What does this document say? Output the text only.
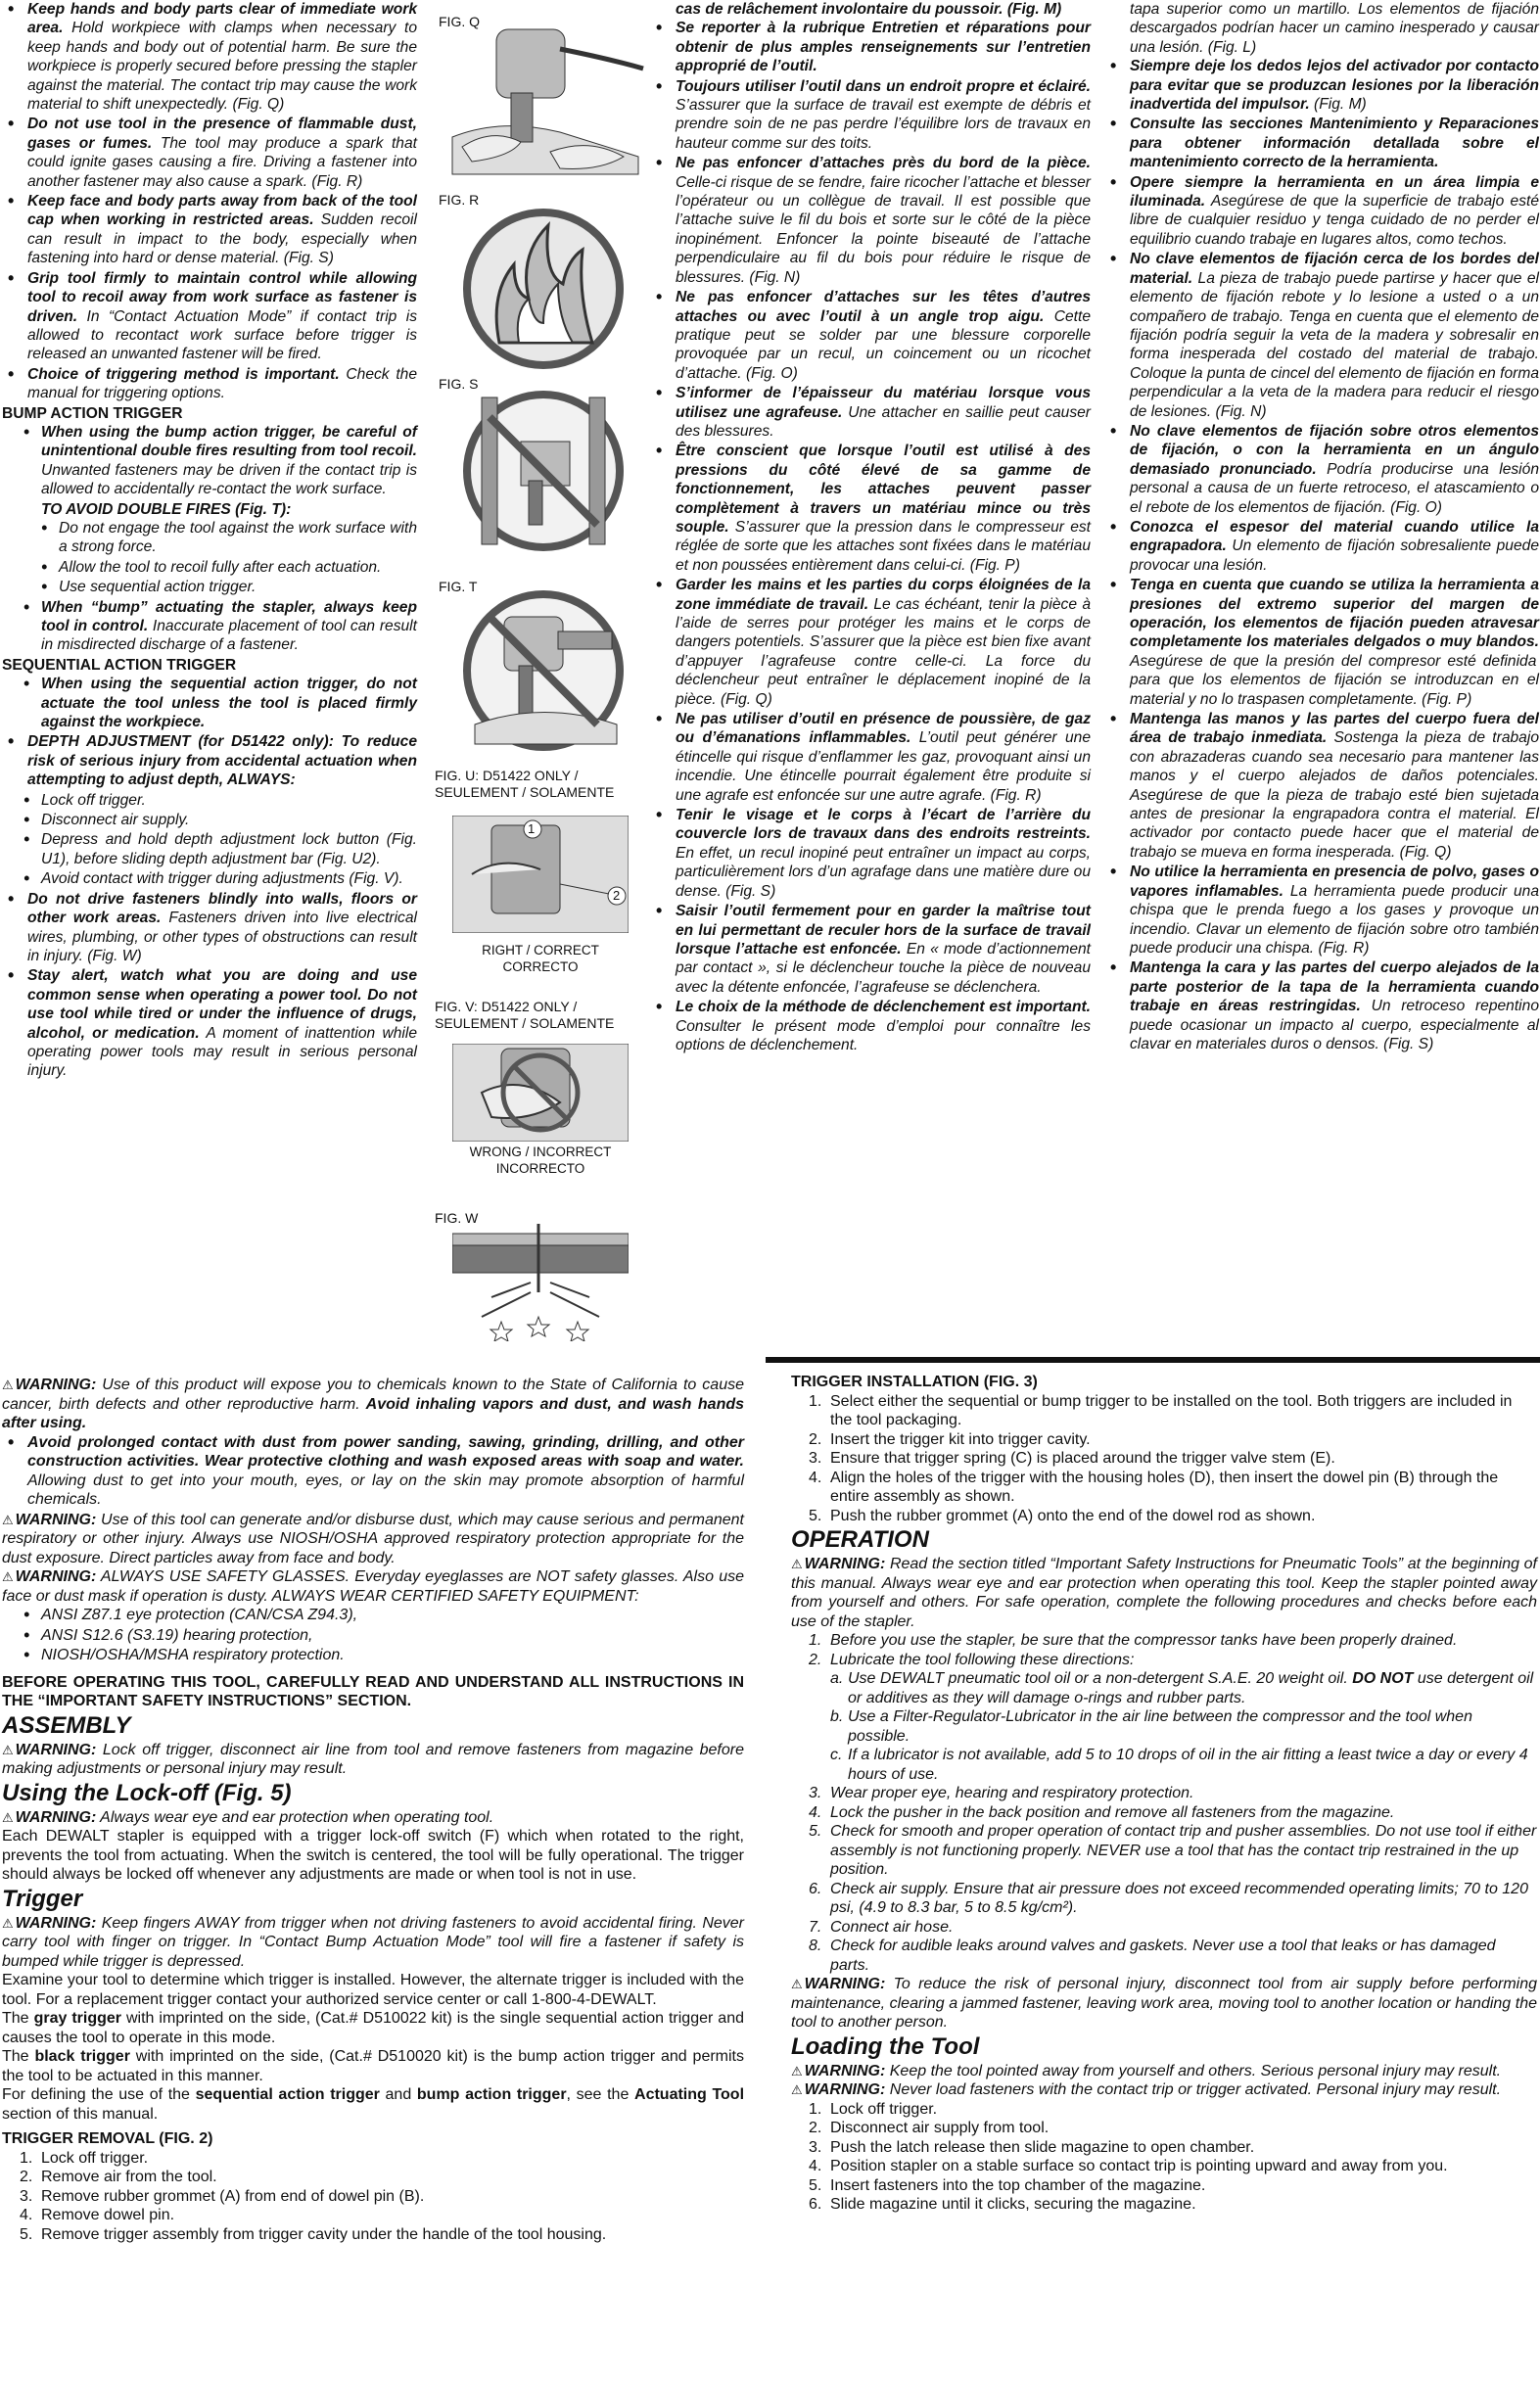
• Keep hands and body parts clear of immediate work area. Hold workpiece with clamps when necessary to keep hands and body out of potential harm. Be sure the workpiece is properly secured before pressing the stapler against the material. The contact trip may cause the work material to shift unexpectedly. (Fig. Q)
• Do not use tool in the presence of flammable dust, gases or fumes. The tool may produce a spark that could ignite gases causing a fire. Driving a fastener into another fastener may also cause a spark. (Fig. R)
• Keep face and body parts away from back of the tool cap when working in restricted areas. Sudden recoil can result in impact to the body, especially when fastening into hard or dense material. (Fig. S)
• Grip tool firmly to maintain control while allowing tool to recoil away from work surface as fastener is driven. In “Contact Actuation Mode” if contact trip is allowed to recontact work surface before trigger is released an unwanted fastener will be fired.
• Choice of triggering method is important. Check the manual for triggering options.

BUMP ACTION TRIGGER

• When using the bump action trigger, be careful of unintentional double fires resulting from tool recoil. Unwanted fasteners may be driven if the contact trip is allowed to accidentally re-contact the work surface.

TO AVOID DOUBLE FIRES (Fig. T):

• Do not engage the tool against the work surface with a strong force.
• Allow the tool to recoil fully after each actuation.
• Use sequential action trigger.
• When “bump” actuating the stapler, always keep tool in control. Inaccurate placement of tool can result in misdirected discharge of a fastener.

SEQUENTIAL ACTION TRIGGER

• When using the sequential action trigger, do not actuate the tool unless the tool is placed firmly against the workpiece.
• DEPTH ADJUSTMENT (for D51422 only): To reduce risk of serious injury from accidental actuation when attempting to adjust depth, ALWAYS:
• Lock off trigger.
• Disconnect air supply.
• Depress and hold depth adjustment lock button (Fig. U1), before sliding depth adjustment bar (Fig. U2).
• Avoid contact with trigger during adjustments (Fig. V).
• Do not drive fasteners blindly into walls, floors or other work areas. Fasteners driven into live electrical wires, plumbing, or other types of obstructions can result in injury. (Fig. W)
• Stay alert, watch what you are doing and use common sense when operating a power tool. Do not use tool while tired or under the influence of drugs, alcohol, or medication. A moment of inattention while operating power tools may result in serious personal injury.
FIG. Q
FIG. R
FIG. S
FIG. T
FIG. U: D51422 ONLY / SEULEMENT / SOLAMENTE
1
2
RIGHT / CORRECT CORRECTO
FIG. V: D51422 ONLY / SEULEMENT / SOLAMENTE
WRONG / INCORRECT INCORRECTO
FIG. W

cas de relâchement involontaire du poussoir. (Fig. M)

• Se reporter à la rubrique Entretien et réparations pour obtenir de plus amples renseignements sur l’entretien approprié de l’outil.
• Toujours utiliser l’outil dans un endroit propre et éclairé. S’assurer que la surface de travail est exempte de débris et prendre soin de ne pas perdre l’équilibre lors de travaux en hauteur comme sur des toits.
• Ne pas enfoncer d’attaches près du bord de la pièce. Celle-ci risque de se fendre, faire ricocher l’attache et blesser l’opérateur ou un collègue de travail. Il est possible que l’attache suive le fil du bois et sorte sur le côté de la pièce inopinément. Enfoncer la pointe biseauté de l’attache perpendiculaire au fil du bois pour réduire le risque de blessures. (Fig. N)
• Ne pas enfoncer d’attaches sur les têtes d’autres attaches ou avec l’outil à un angle trop aigu. Cette pratique peut se solder par une blessure corporelle provoquée par un recul, un coincement ou un ricochet d’attache. (Fig. O)
• S’informer de l’épaisseur du matériau lorsque vous utilisez une agrafeuse. Une attacher en saillie peut causer des blessures.
• Être conscient que lorsque l’outil est utilisé à des pressions du côté élevé de sa gamme de fonctionnement, les attaches peuvent passer complètement à travers un matériau mince ou très souple. S’assurer que la pression dans le compresseur est réglée de sorte que les attaches sont fixées dans le matériau et non poussées entièrement dans celui-ci. (Fig. P)
• Garder les mains et les parties du corps éloignées de la zone immédiate de travail. Le cas échéant, tenir la pièce à l’aide de serres pour protéger les mains et le corps de dangers potentiels. S’assurer que la pièce est bien fixe avant d’appuyer l’agrafeuse contre celle-ci. La force du déclencheur peut entraîner le déplacement inopiné de la pièce. (Fig. Q)
• Ne pas utiliser d’outil en présence de poussière, de gaz ou d’émanations inflammables. L’outil peut générer une étincelle qui risque d’enflammer les gaz, provoquant ainsi un incendie. Une étincelle pourrait également être produite si une agrafe est enfoncée sur une autre agrafe. (Fig. R)
• Tenir le visage et le corps à l’écart de l’arrière du couvercle lors de travaux dans des endroits restreints. En effet, un recul inopiné peut entraîner un impact au corps, particulièrement lors d’un agrafage dans une matière dure ou dense. (Fig. S)
• Saisir l’outil fermement pour en garder la maîtrise tout en lui permettant de reculer hors de la surface de travail lorsque l’attache est enfoncée. En « mode d’actionnement par contact », si le déclencheur touche la pièce de nouveau avec la détente enfoncée, l’agrafeuse se déclenchera.
• Le choix de la méthode de déclenchement est important. Consulter le présent mode d’emploi pour connaître les options de déclenchement.

tapa superior como un martillo. Los elementos de fijación descargados podrían hacer un camino inesperado y causar una lesión. (Fig. L)

• Siempre deje los dedos lejos del activador por contacto para evitar que se produzcan lesiones por la liberación inadvertida del impulsor. (Fig. M)
• Consulte las secciones Mantenimiento y Reparaciones para obtener información detallada sobre el mantenimiento correcto de la herramienta.
• Opere siempre la herramienta en un área limpia e iluminada. Asegúrese de que la superficie de trabajo esté libre de cualquier residuo y tenga cuidado de no perder el equilibrio cuando trabaje en lugares altos, como techos.
• No clave elementos de fijación cerca de los bordes del material. La pieza de trabajo puede partirse y hacer que el elemento de fijación rebote y lo lesione a usted o a un compañero de trabajo. Tenga en cuenta que el elemento de fijación podría seguir la veta de la madera y sobresalir en forma inesperada del costado del material de trabajo. Coloque la punta de cincel del elemento de fijación en forma perpendicular a la veta de la madera para reducir el riesgo de lesiones. (Fig. N)
• No clave elementos de fijación sobre otros elementos de fijación, o con la herramienta en un ángulo demasiado pronunciado. Podría producirse una lesión personal a causa de un fuerte retroceso, el atascamiento o el rebote de los elementos de fijación. (Fig. O)
• Conozca el espesor del material cuando utilice la engrapadora. Un elemento de fijación sobresaliente puede provocar una lesión.
• Tenga en cuenta que cuando se utiliza la herramienta a presiones del extremo superior del margen de operación, los elementos de fijación pueden atravesar completamente los materiales delgados o muy blandos. Asegúrese de que la presión del compresor esté definida para que los elementos de fijación se introduzcan en el material y no lo traspasen completamente. (Fig. P)
• Mantenga las manos y las partes del cuerpo fuera del área de trabajo inmediata. Sostenga la pieza de trabajo con abrazaderas cuando sea necesario para mantener las manos y el cuerpo alejados de daños potenciales. Asegúrese de que la pieza de trabajo esté bien sujetada antes de presionar la engrapadora contra el material. El activador por contacto puede hacer que el material de trabajo se mueva en forma inesperada. (Fig. Q)
• No utilice la herramienta en presencia de polvo, gases o vapores inflamables. La herramienta puede producir una chispa que le prenda fuego a los gases y provoque un incendio. Clavar un elemento de fijación sobre otro también puede producir una chispa. (Fig. R)
• Mantenga la cara y las partes del cuerpo alejados de la parte posterior de la tapa de la herramienta cuando trabaje en áreas restringidas. Un retroceso repentino puede ocasionar un impacto al cuerpo, especialmente al clavar en materiales duros o densos. (Fig. S)

⚠ WARNING: Use of this product will expose you to chemicals known to the State of California to cause cancer, birth defects and other reproductive harm. Avoid inhaling vapors and dust, and wash hands after using.

• Avoid prolonged contact with dust from power sanding, sawing, grinding, drilling, and other construction activities. Wear protective clothing and wash exposed areas with soap and water. Allowing dust to get into your mouth, eyes, or lay on the skin may promote absorption of harmful chemicals.

⚠ WARNING: Use of this tool can generate and/or disburse dust, which may cause serious and permanent respiratory or other injury. Always use NIOSH/OSHA approved respiratory protection appropriate for the dust exposure. Direct particles away from face and body.

⚠ WARNING: ALWAYS USE SAFETY GLASSES. Everyday eyeglasses are NOT safety glasses. Also use face or dust mask if operation is dusty. ALWAYS WEAR CERTIFIED SAFETY EQUIPMENT:

• ANSI Z87.1 eye protection (CAN/CSA Z94.3),
• ANSI S12.6 (S3.19) hearing protection,
• NIOSH/OSHA/MSHA respiratory protection.

BEFORE OPERATING THIS TOOL, CAREFULLY READ AND UNDERSTAND ALL INSTRUCTIONS IN THE “IMPORTANT SAFETY INSTRUCTIONS” SECTION.

ASSEMBLY

⚠ WARNING: Lock off trigger, disconnect air line from tool and remove fasteners from magazine before making adjustments or personal injury may result.

Using the Lock-off (Fig. 5)

⚠ WARNING: Always wear eye and ear protection when operating tool.

Each DEWALT stapler is equipped with a trigger lock-off switch (F) which when rotated to the right, prevents the tool from actuating. When the switch is centered, the tool will be fully operational. The trigger should always be locked off whenever any adjustments are made or when tool is not in use.

Trigger

⚠ WARNING: Keep fingers AWAY from trigger when not driving fasteners to avoid accidental firing. Never carry tool with finger on trigger. In “Contact Bump Actuation Mode” tool will fire a fastener if safety is bumped while trigger is depressed.

Examine your tool to determine which trigger is installed. However, the alternate trigger is included with the tool. For a replacement trigger contact your authorized service center or call 1-800-4-DEWALT.

The gray trigger with imprinted on the side, (Cat.# D510022 kit) is the single sequential action trigger and causes the tool to operate in this mode.

The black trigger with imprinted on the side, (Cat.# D510020 kit) is the bump action trigger and permits the tool to be actuated in this manner.

For defining the use of the sequential action trigger and bump action trigger, see the Actuating Tool section of this manual.

TRIGGER REMOVAL (FIG. 2)

1. Lock off trigger.
2. Remove air from the tool.
3. Remove rubber grommet (A) from end of dowel pin (B).
4. Remove dowel pin.
5. Remove trigger assembly from trigger cavity under the handle of the tool housing.

TRIGGER INSTALLATION (FIG. 3)

1. Select either the sequential or bump trigger to be installed on the tool. Both triggers are included in the tool packaging.
2. Insert the trigger kit into trigger cavity.
3. Ensure that trigger spring (C) is placed around the trigger valve stem (E).
4. Align the holes of the trigger with the housing holes (D), then insert the dowel pin (B) through the entire assembly as shown.
5. Push the rubber grommet (A) onto the end of the dowel rod as shown.

OPERATION

⚠ WARNING: Read the section titled “Important Safety Instructions for Pneumatic Tools” at the beginning of this manual. Always wear eye and ear protection when operating this tool. Keep the stapler pointed away from yourself and others. For safe operation, complete the following procedures and checks before each use of the stapler.

1. Before you use the stapler, be sure that the compressor tanks have been properly drained.
2. Lubricate the tool following these directions:
a. Use DEWALT pneumatic tool oil or a non-detergent S.A.E. 20 weight oil. DO NOT use detergent oil or additives as they will damage o-rings and rubber parts.
b. Use a Filter-Regulator-Lubricator in the air line between the compressor and the tool when possible.
c. If a lubricator is not available, add 5 to 10 drops of oil in the air fitting a least twice a day or every 4 hours of use.
3. Wear proper eye, hearing and respiratory protection.
4. Lock the pusher in the back position and remove all fasteners from the magazine.
5. Check for smooth and proper operation of contact trip and pusher assemblies. Do not use tool if either assembly is not functioning properly. NEVER use a tool that has the contact trip restrained in the up position.
6. Check air supply. Ensure that air pressure does not exceed recommended operating limits; 70 to 120 psi, (4.9 to 8.3 bar, 5 to 8.5 kg/cm²).
7. Connect air hose.
8. Check for audible leaks around valves and gaskets. Never use a tool that leaks or has damaged parts.

⚠ WARNING: To reduce the risk of personal injury, disconnect tool from air supply before performing maintenance, clearing a jammed fastener, leaving work area, moving tool to another location or handing the tool to another person.

Loading the Tool

⚠ WARNING: Keep the tool pointed away from yourself and others. Serious personal injury may result.

⚠ WARNING: Never load fasteners with the contact trip or trigger activated. Personal injury may result.

1. Lock off trigger.
2. Disconnect air supply from tool.
3. Push the latch release then slide magazine to open chamber.
4. Position stapler on a stable surface so contact trip is pointing upward and away from you.
5. Insert fasteners into the top chamber of the magazine.
6. Slide magazine until it clicks, securing the magazine.
